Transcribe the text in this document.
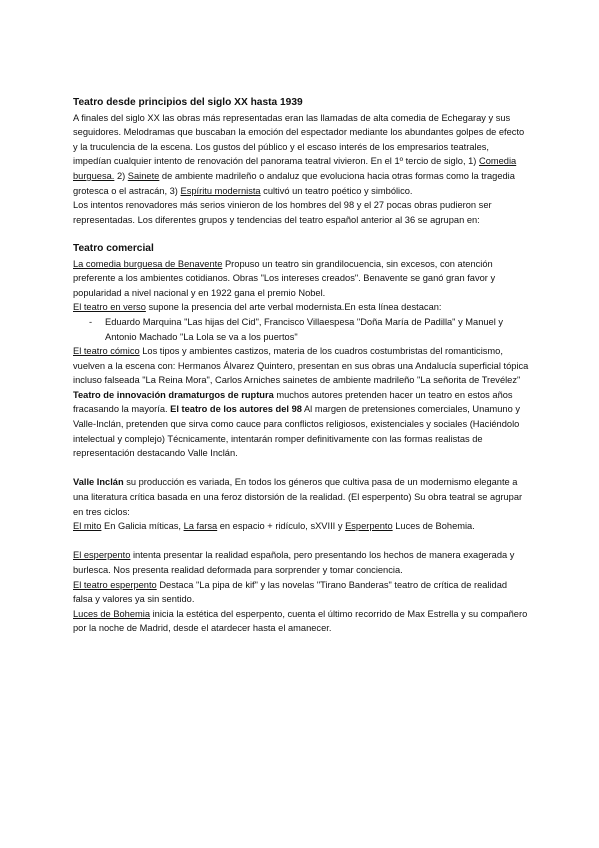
Teatro desde principios del siglo XX hasta 1939

A finales del siglo XX las obras más representadas eran las llamadas de alta comedia de Echegaray y sus seguidores. Melodramas que buscaban la emoción del espectador mediante los abundantes golpes de efecto y la truculencia de la escena. Los gustos del público y el escaso interés de los empresarios teatrales, impedían cualquier intento de renovación del panorama teatral vivieron. En el 1º tercio de siglo, 1) Comedia burguesa. 2) Sainete de ambiente madrileño o andaluz que evoluciona hacia otras formas como la tragedia grotesca o el astracán, 3) Espíritu modernista cultivó un teatro poético y simbólico.

Los intentos renovadores más serios vinieron de los hombres del 98 y el 27 pocas obras pudieron ser representadas. Los diferentes grupos y tendencias del teatro español anterior al 36 se agrupan en:

Teatro comercial

La comedia burguesa de Benavente Propuso un teatro sin grandilocuencia, sin excesos, con atención preferente a los ambientes cotidianos. Obras "Los intereses creados". Benavente se ganó gran favor y popularidad a nivel nacional y en 1922 gana el premio Nobel.

El teatro en verso supone la presencia del arte verbal modernista.En esta línea destacan:

-	Eduardo Marquina "Las hijas del Cid", Francisco Villaespesa "Doña María de Padilla" y Manuel y Antonio Machado "La Lola se va a los puertos"

El teatro cómico Los tipos y ambientes castizos, materia de los cuadros costumbristas del romanticismo, vuelven a la escena con: Hermanos Álvarez Quintero, presentan en sus obras una Andalucía superficial tópica incluso falseada "La Reina Mora", Carlos Arniches sainetes de ambiente madrileño "La señorita de Trevélez"

Teatro de innovación dramaturgos de ruptura muchos autores pretenden hacer un teatro en estos años fracasando la mayoría. El teatro de los autores del 98 Al margen de pretensiones comerciales, Unamuno y Valle-Inclán, pretenden que sirva como cauce para conflictos religiosos, existenciales y sociales (Haciéndolo intelectual y complejo) Técnicamente, intentarán romper definitivamente con las formas realistas de representación destacando Valle Inclán.

Valle Inclán su producción es variada, En todos los géneros que cultiva pasa de un modernismo elegante a una literatura crítica basada en una feroz distorsión de la realidad. (El esperpento) Su obra teatral se agrupar en tres ciclos:

El mito En Galicia míticas, La farsa en espacio + ridículo, sXVIII y Esperpento Luces de Bohemia.

El esperpento intenta presentar la realidad española, pero presentando los hechos de manera exagerada y burlesca. Nos presenta realidad deformada para sorprender y tomar conciencia.

El teatro esperpento Destaca "La pipa de kif" y las novelas "Tirano Banderas" teatro de crítica de realidad falsa y valores ya sin sentido.

Luces de Bohemia inicia la estética del esperpento, cuenta el último recorrido de Max Estrella y su compañero por la noche de Madrid, desde el atardecer hasta el amanecer.
